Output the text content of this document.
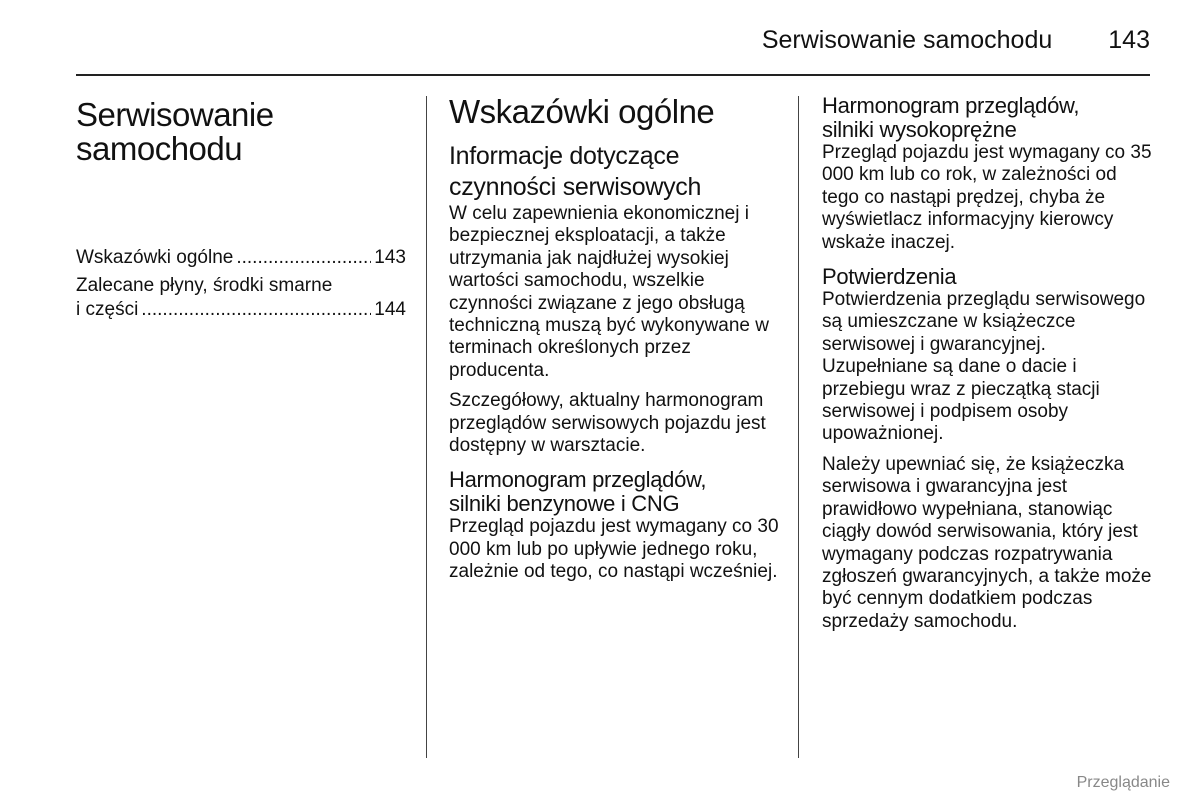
Serwisowanie samochodu 143
Serwisowanie
samochodu
Wskazówki ogólne .....	143
Zalecane płyny, środki smarne
i części .....	144
Wskazówki ogólne
Informacje dotyczące
czynności serwisowych

W celu zapewnienia ekonomicznej i bezpiecznej eksploatacji, a także utrzymania jak najdłużej wysokiej wartości samochodu, wszelkie czynności związane z jego obsługą techniczną muszą być wykonywane w terminach określonych przez producenta.

Szczegółowy, aktualny harmonogram przeglądów serwisowych pojazdu jest dostępny w warsztacie.

Harmonogram przeglądów,
silniki benzynowe i CNG

Przegląd pojazdu jest wymagany co 30 000 km lub po upływie jednego roku, zależnie od tego, co nastąpi wcześniej.

Harmonogram przeglądów,
silniki wysokoprężne

Przegląd pojazdu jest wymagany co 35 000 km lub co rok, w zależności od tego co nastąpi prędzej, chyba że wyświetlacz informacyjny kierowcy wskaże inaczej.

Potwierdzenia

Potwierdzenia przeglądu serwisowego są umieszczane w książeczce serwisowej i gwarancyjnej. Uzupełniane są dane o dacie i przebiegu wraz z pieczątką stacji serwisowej i podpisem osoby upoważnionej.

Należy upewniać się, że książeczka serwisowa i gwarancyjna jest prawidłowo wypełniana, stanowiąc ciągły dowód serwisowania, który jest wymagany podczas rozpatrywania zgłoszeń gwarancyjnych, a także może być cennym dodatkiem podczas sprzedaży samochodu.

Przeglądanie
